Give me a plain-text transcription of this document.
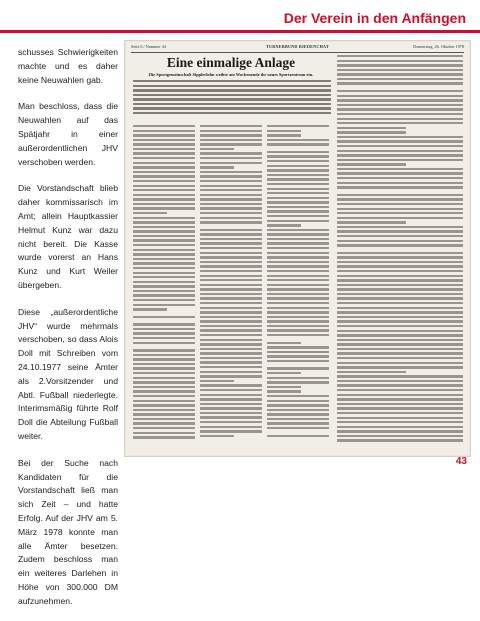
Der Verein in den Anfängen

schusses Schwierigkeiten machte und es daher keine Neuwahlen gab.

Man beschloss, dass die Neuwahlen auf das Spätjahr in einer außerordentlichen JHV verschoben werden.

Die Vorstandschaft blieb daher kommissarisch im Amt; allein Hauptkassier Helmut Kunz war dazu nicht bereit. Die Kasse wurde vorerst an Hans Kunz und Kurt Weiler übergeben.

Diese „außerordentliche JHV“ wurde mehrmals verschoben, so dass Alois Doll mit Schreiben vom 24.10.1977 seine Ämter als 2.Vorsitzender und Abtl. Fußball niederlegte. Interimsmäßig führte Rolf Doll die Abteilung Fußball weiter.

Bei der Suche nach Kandidaten für die Vorstandschaft ließ man sich Zeit – und hatte Erfolg. Auf der JHV am 5. März 1978 konnte man alle Ämter besetzen. Zudem beschloss man ein weiteres Darlehen in Höhe von 300.000 DM aufzunehmen.

Seite 6 / Nummer 44	TURNERBUND RIEDENCHAT	Donnerstag, 26. Oktober 1978
Eine einmalige Anlage
Die Sportgemeinschaft Sipplerlohn weihte am Wochenende ihr neues Sportzentrum ein.
43
